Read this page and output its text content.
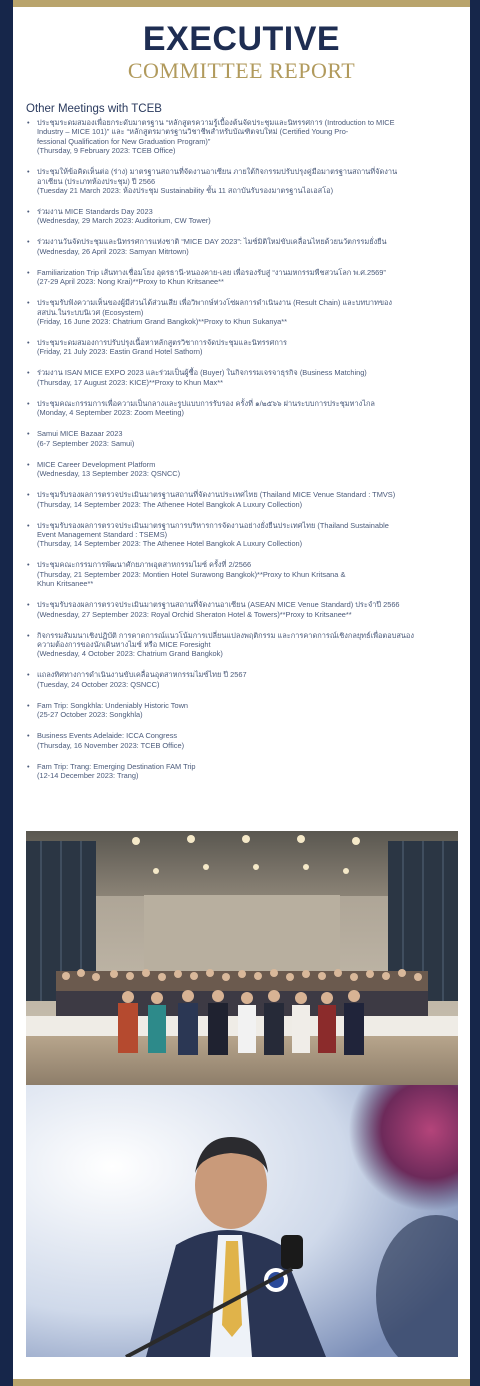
EXECUTIVE
COMMITTEE REPORT
Other Meetings with TCEB
• ประชุมระดมสมองเพื่อยกระดับมาตรฐาน “หลักสูตรความรู้เบื้องต้นจัดประชุมและนิทรรศการ (Introduction to MICE
Industry – MICE 101)” และ “หลักสูตรมาตรฐานวิชาชีพสำหรับบัณฑิตจบใหม่ (Certified Young Pro-
fessional Qualification for New Graduation Program)”
(Thursday, 9 February 2023: TCEB Office)
• ประชุมให้ข้อคิดเห็นต่อ (ร่าง) มาตรฐานสถานที่จัดงานอาเซียน ภายใต้กิจกรรมปรับปรุงคู่มือมาตรฐานสถานที่จัดงาน
อาเซียน (ประเภทห้องประชุม) ปี 2566
(Tuesday 21 March 2023: ห้องประชุม Sustainability ชั้น 11 สถาบันรับรองมาตรฐานไอเอสโอ)
• ร่วมงาน MICE Standards Day 2023
(Wednesday, 29 March 2023: Auditorium, CW Tower)
• ร่วมงานวันจัดประชุมและนิทรรศการแห่งชาติ “MICE DAY 2023”: ไมซ์มิติใหม่ขับเคลื่อนไทยด้วยนวัตกรรมยั่งยืน
(Wednesday, 26 April 2023: Samyan Mitrtown)
• Familiarization Trip เส้นทางเชื่อมโยง อุดรธานี-หนองคาย-เลย เพื่อรองรับสู่ “งานมหกรรมพืชสวนโลก พ.ศ.2569”
(27-29 April 2023: Nong Krai)**Proxy to Khun Kritsanee**
• ประชุมรับฟังความเห็นของผู้มีส่วนได้ส่วนเสีย เพื่อวิพากษ์ห่วงโซ่ผลการดำเนินงาน (Result Chain) และบทบาทของ
สสปน.ในระบบนิเวศ (Ecosystem)
(Friday, 16 June 2023: Chatrium Grand Bangkok)**Proxy to Khun Sukanya**
• ประชุมระดมสมองการปรับปรุงเนื้อหาหลักสูตรวิชาการจัดประชุมและนิทรรศการ
(Friday, 21 July 2023: Eastin Grand Hotel Sathorn)
• ร่วมงาน ISAN MICE EXPO 2023 และร่วมเป็นผู้ซื้อ (Buyer) ในกิจกรรมเจรจาธุรกิจ (Business Matching)
(Thursday, 17 August 2023: KICE)**Proxy to Khun Max**
• ประชุมคณะกรรมการเพื่อความเป็นกลางและรูปแบบการรับรอง ครั้งที่ ๑/๒๕๖๖ ผ่านระบบการประชุมทางไกล
(Monday, 4 September 2023: Zoom Meeting)
• Samui MICE Bazaar 2023
(6-7 September 2023: Samui)
• MICE Career Development Platform
(Wednesday, 13 September 2023: QSNCC)
• ประชุมรับรองผลการตรวจประเมินมาตรฐานสถานที่จัดงานประเทศไทย (Thailand MICE Venue Standard : TMVS)
(Thursday, 14 September 2023: The Athenee Hotel Bangkok A Luxury Collection)
• ประชุมรับรองผลการตรวจประเมินมาตรฐานการบริหารการจัดงานอย่างยั่งยืนประเทศไทย (Thailand Sustainable
Event Management Standard : TSEMS)
(Thursday, 14 September 2023: The Athenee Hotel Bangkok A Luxury Collection)
• ประชุมคณะกรรมการพัฒนาศักยภาพอุตสาหกรรมไมซ์ ครั้งที่ 2/2566
(Thursday, 21 September 2023: Montien Hotel Surawong Bangkok)**Proxy to Khun Kritsana &
Khun Kritsanee**
• ประชุมรับรองผลการตรวจประเมินมาตรฐานสถานที่จัดงานอาเซียน (ASEAN MICE Venue Standard) ประจำปี 2566
(Wednesday, 27 September 2023: Royal Orchid Sheraton Hotel & Towers)**Proxy to Kritsanee**
• กิจกรรมสัมมนาเชิงปฏิบัติ การคาดการณ์แนวโน้มการเปลี่ยนแปลงพฤติกรรม และการคาดการณ์เชิงกลยุทธ์เพื่อตอบสนอง
ความต้องการของนักเดินทางไมซ์ หรือ MICE Foresight
(Wednesday, 4 October 2023: Chatrium Grand Bangkok)
• แถลงทิศทางการดำเนินงานขับเคลื่อนอุตสาหกรรมไมซ์ไทย ปี 2567
(Tuesday, 24 October 2023: QSNCC)
• Fam Trip: Songkhla: Undeniably Historic Town
(25-27 October 2023: Songkhla)
• Business Events Adelaide: ICCA Congress
(Thursday, 16 November 2023: TCEB Office)
• Fam Trip: Trang: Emerging Destination FAM Trip
(12-14 December 2023: Trang)
